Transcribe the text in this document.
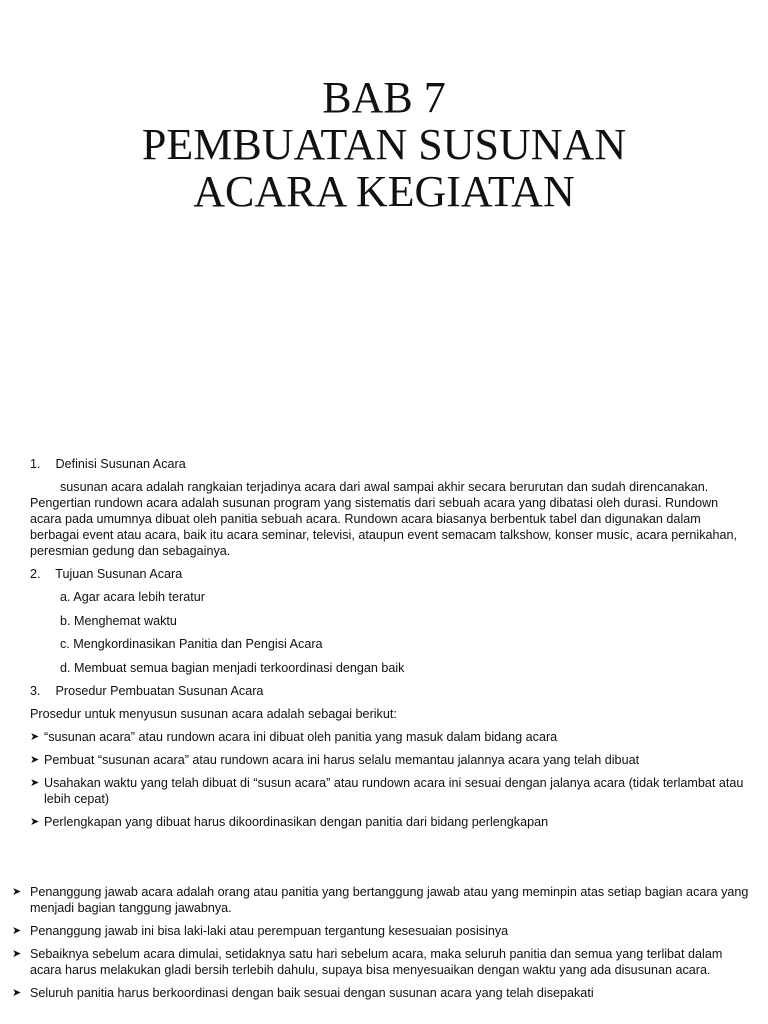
BAB 7
PEMBUATAN SUSUNAN
ACARA KEGIATAN
1. Definisi Susunan Acara
susunan acara adalah rangkaian terjadinya acara dari awal sampai akhir secara berurutan dan sudah direncanakan.
Pengertian rundown acara adalah susunan program yang sistematis dari sebuah acara yang dibatasi oleh durasi. Rundown acara pada umumnya dibuat oleh panitia sebuah acara. Rundown acara biasanya berbentuk tabel dan digunakan dalam berbagai event atau acara, baik itu acara seminar, televisi, ataupun event semacam talkshow, konser music, acara pernikahan, peresmian gedung dan sebagainya.
2. Tujuan Susunan Acara
a. Agar acara lebih teratur
b. Menghemat waktu
c. Mengkordinasikan Panitia dan Pengisi Acara
d. Membuat semua bagian menjadi terkoordinasi dengan baik
3. Prosedur Pembuatan Susunan Acara
Prosedur untuk menyusun susunan acara adalah sebagai berikut:
➤ “susunan acara” atau rundown acara ini dibuat oleh panitia yang masuk dalam bidang acara
➤ Pembuat “susunan acara” atau rundown acara ini harus selalu memantau jalannya acara yang telah dibuat
➤ Usahakan waktu yang telah dibuat di “susun acara” atau rundown acara ini sesuai dengan jalanya acara (tidak terlambat atau lebih cepat)
➤ Perlengkapan yang dibuat harus dikoordinasikan dengan panitia dari bidang perlengkapan
➤ Penanggung jawab acara adalah orang atau panitia yang bertanggung jawab atau yang meminpin atas setiap bagian acara yang menjadi bagian tanggung jawabnya.
➤ Penanggung jawab ini bisa laki-laki atau perempuan tergantung kesesuaian posisinya
➤ Sebaiknya sebelum acara dimulai, setidaknya satu hari sebelum acara, maka seluruh panitia dan semua yang terlibat dalam acara harus melakukan gladi bersih terlebih dahulu, supaya bisa menyesuaikan dengan waktu yang ada disusunan acara.
➤ Seluruh panitia harus berkoordinasi dengan baik sesuai dengan susunan acara yang telah disepakati
